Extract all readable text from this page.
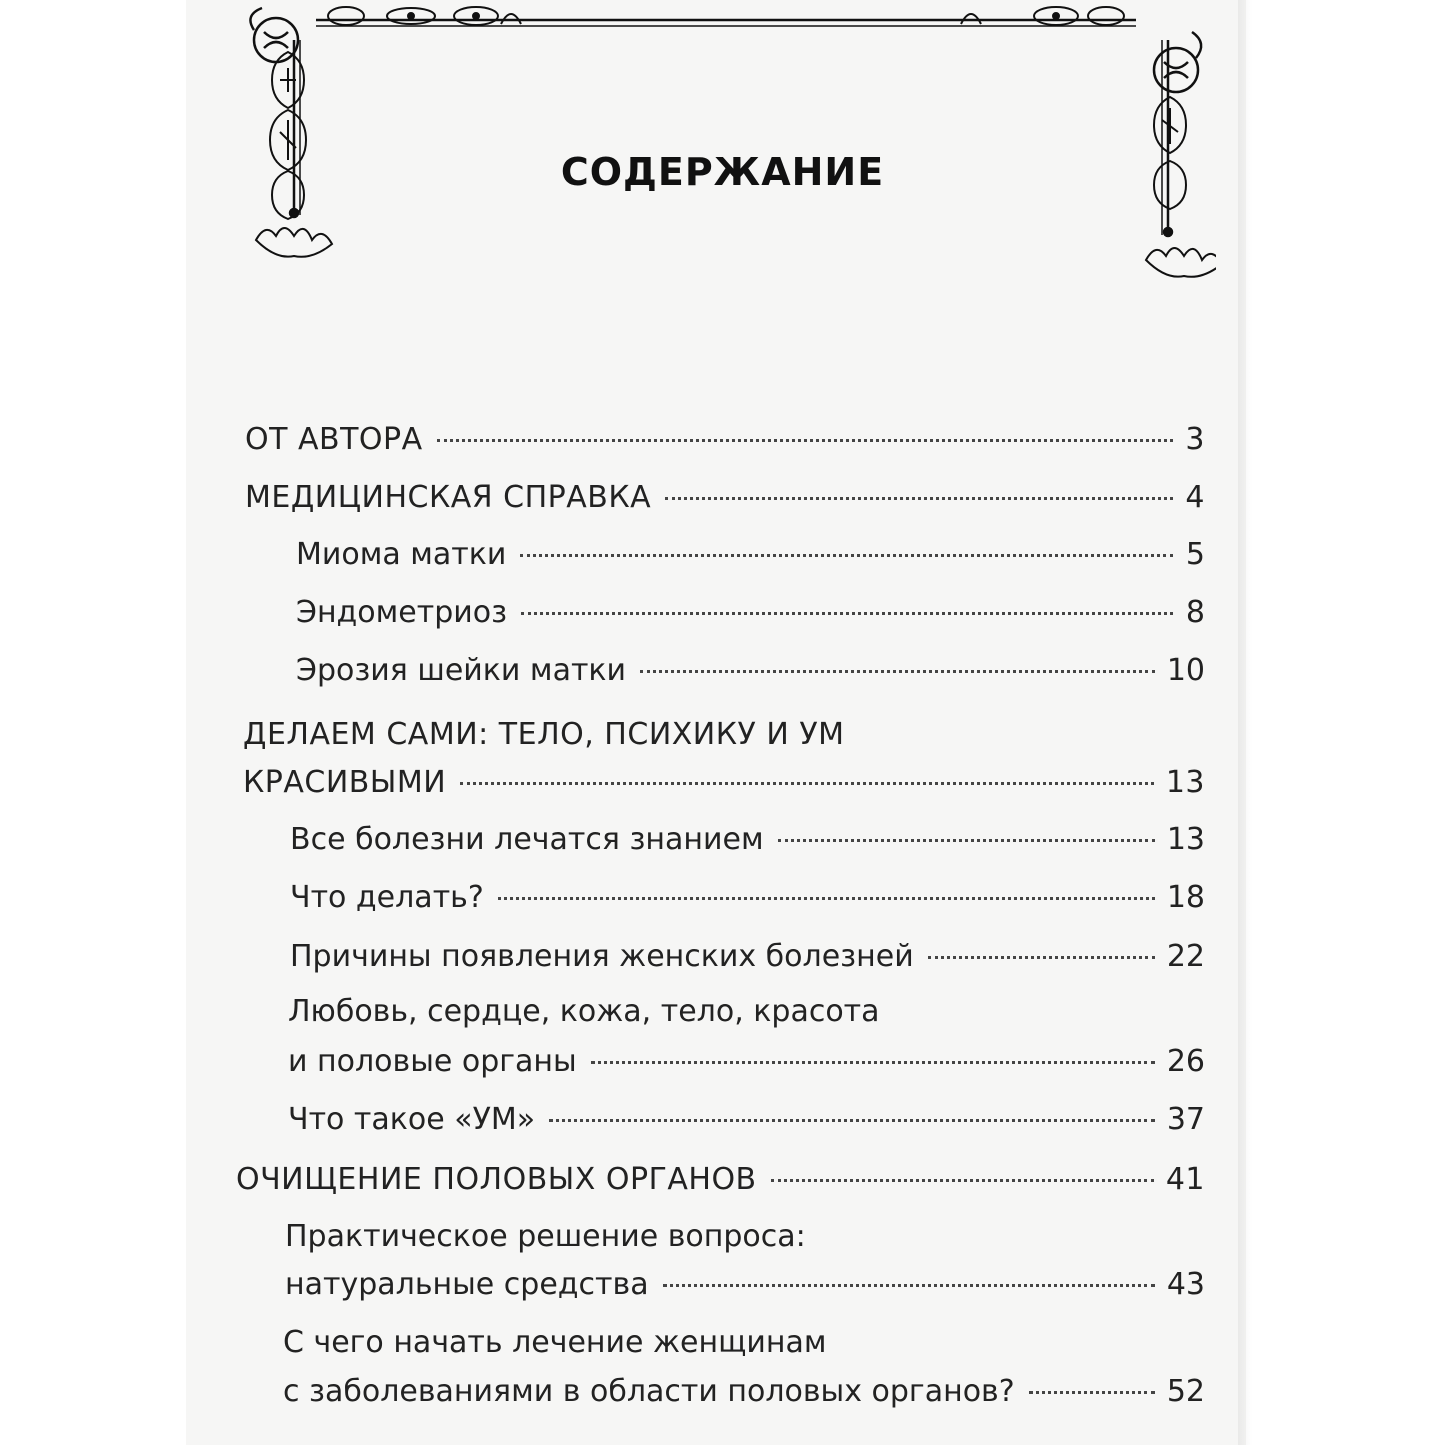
СОДЕРЖАНИЕ
ОТ АВТОРА	3
МЕДИЦИНСКАЯ СПРАВКА	4
Миома матки	5
Эндометриоз	8
Эрозия шейки матки	10
ДЕЛАЕМ САМИ: ТЕЛО, ПСИХИКУ И УМ
КРАСИВЫМИ	13
Все болезни лечатся знанием	13
Что делать?	18
Причины появления женских болезней	22
Любовь, сердце, кожа, тело, красота
и половые органы	26
Что такое «УМ»	37
ОЧИЩЕНИЕ ПОЛОВЫХ ОРГАНОВ	41
Практическое решение вопроса:
натуральные средства	43
С чего начать лечение женщинам
с заболеваниями в области половых органов?	52
